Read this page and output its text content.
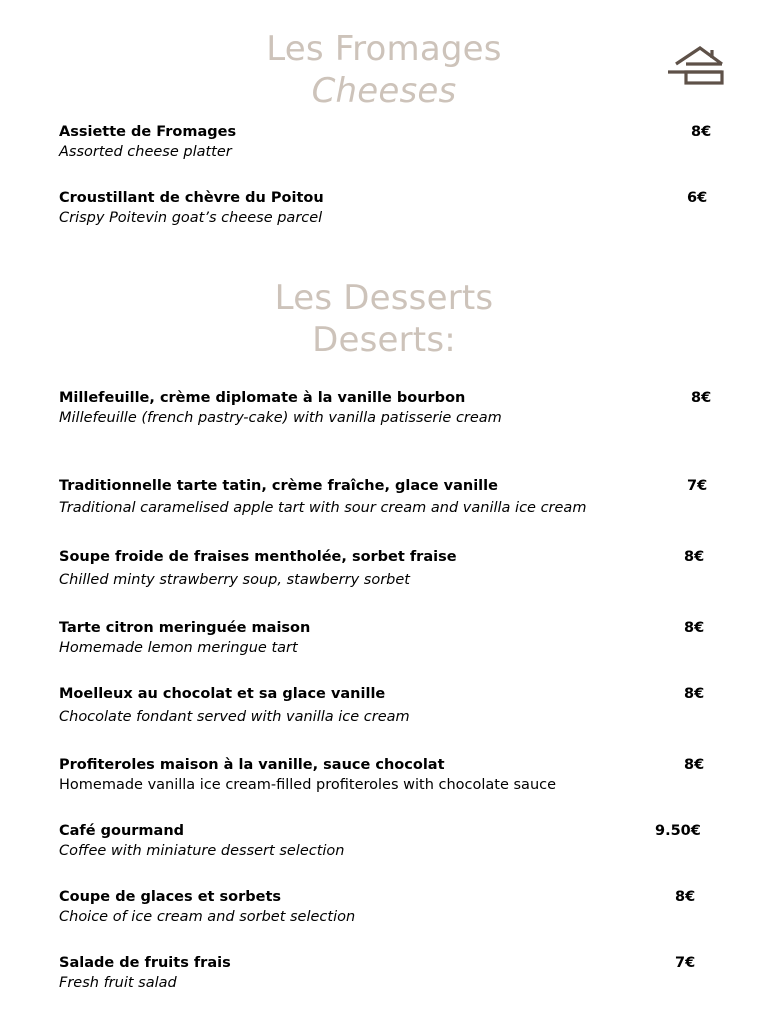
Les Fromages
Cheeses
Assiette de Fromages
Assorted cheese platter
8€
Croustillant de chèvre du Poitou
Crispy Poitevin goat’s cheese parcel
6€
Les Desserts
Deserts:
Millefeuille, crème diplomate à la vanille bourbon
Millefeuille (french pastry-cake) with vanilla patisserie cream
8€
Traditionnelle tarte tatin, crème fraîche, glace vanille
Traditional caramelised apple tart with sour cream and vanilla ice cream
7€
Soupe froide de fraises mentholée, sorbet fraise
Chilled minty strawberry soup, stawberry sorbet
8€
Tarte citron meringuée maison
Homemade lemon meringue tart
8€
Moelleux au chocolat et sa glace vanille
Chocolate fondant served with vanilla ice cream
8€
Profiteroles maison à la vanille, sauce chocolat
Homemade vanilla ice cream-filled profiteroles with chocolate sauce
8€
Café gourmand
Coffee with miniature dessert selection
9.50€
Coupe de glaces et sorbets
Choice of ice cream and sorbet selection
8€
Salade de fruits frais
Fresh fruit salad
7€
